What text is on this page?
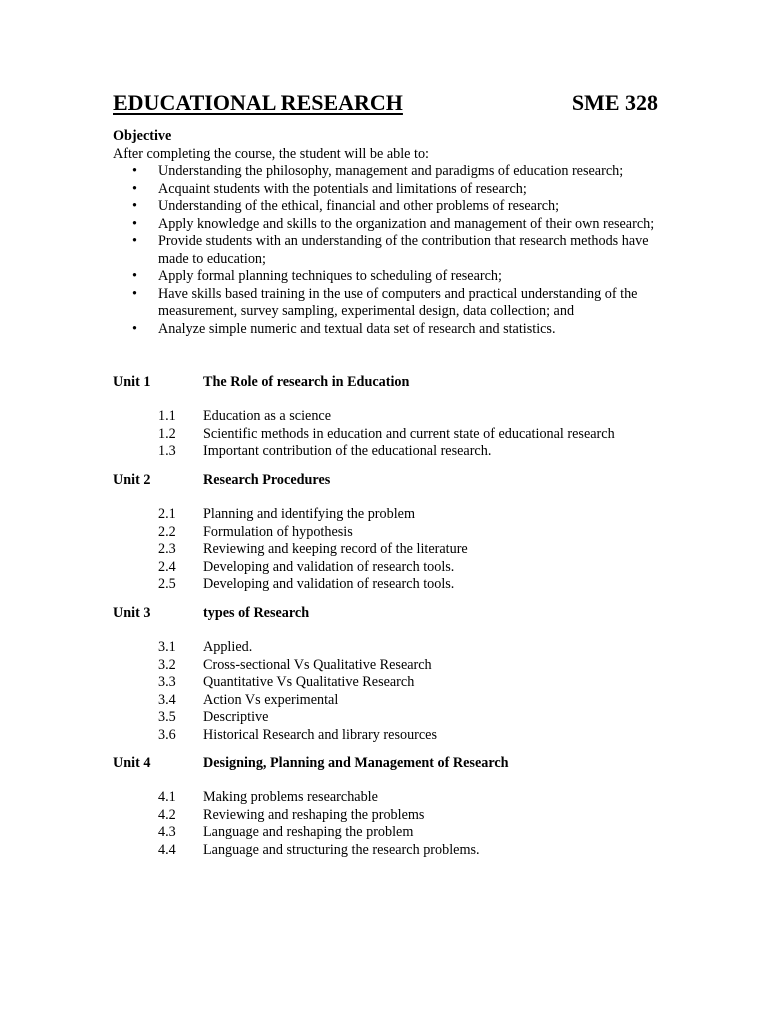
EDUCATIONAL RESEARCH	SME 328
Objective
After completing the course, the student will be able to:
• Understanding the philosophy, management and paradigms of education research;
• Acquaint students with the potentials and limitations of research;
• Understanding of the ethical, financial and other problems of research;
• Apply knowledge and skills to the organization and management of their own research;
• Provide students with an understanding of the contribution that research methods have made to education;
• Apply formal planning techniques to scheduling of research;
• Have skills based training in the use of computers and practical understanding of the measurement, survey sampling, experimental design, data collection; and
• Analyze simple numeric and textual data set of research and statistics.
Unit 1	The Role of research in Education
1.1 Education as a science
1.2 Scientific methods in education and current state of educational research
1.3 Important contribution of the educational research.
Unit 2	Research Procedures
2.1 Planning and identifying the problem
2.2 Formulation of hypothesis
2.3 Reviewing and keeping record of the literature
2.4 Developing and validation of research tools.
2.5 Developing and validation of research tools.
Unit 3	types of Research
3.1 Applied.
3.2 Cross-sectional Vs Qualitative Research
3.3 Quantitative Vs Qualitative Research
3.4 Action Vs experimental
3.5 Descriptive
3.6 Historical Research and library resources
Unit 4	Designing, Planning and Management of Research
4.1 Making problems researchable
4.2 Reviewing and reshaping the problems
4.3 Language and reshaping the problem
4.4 Language and structuring the research problems.
